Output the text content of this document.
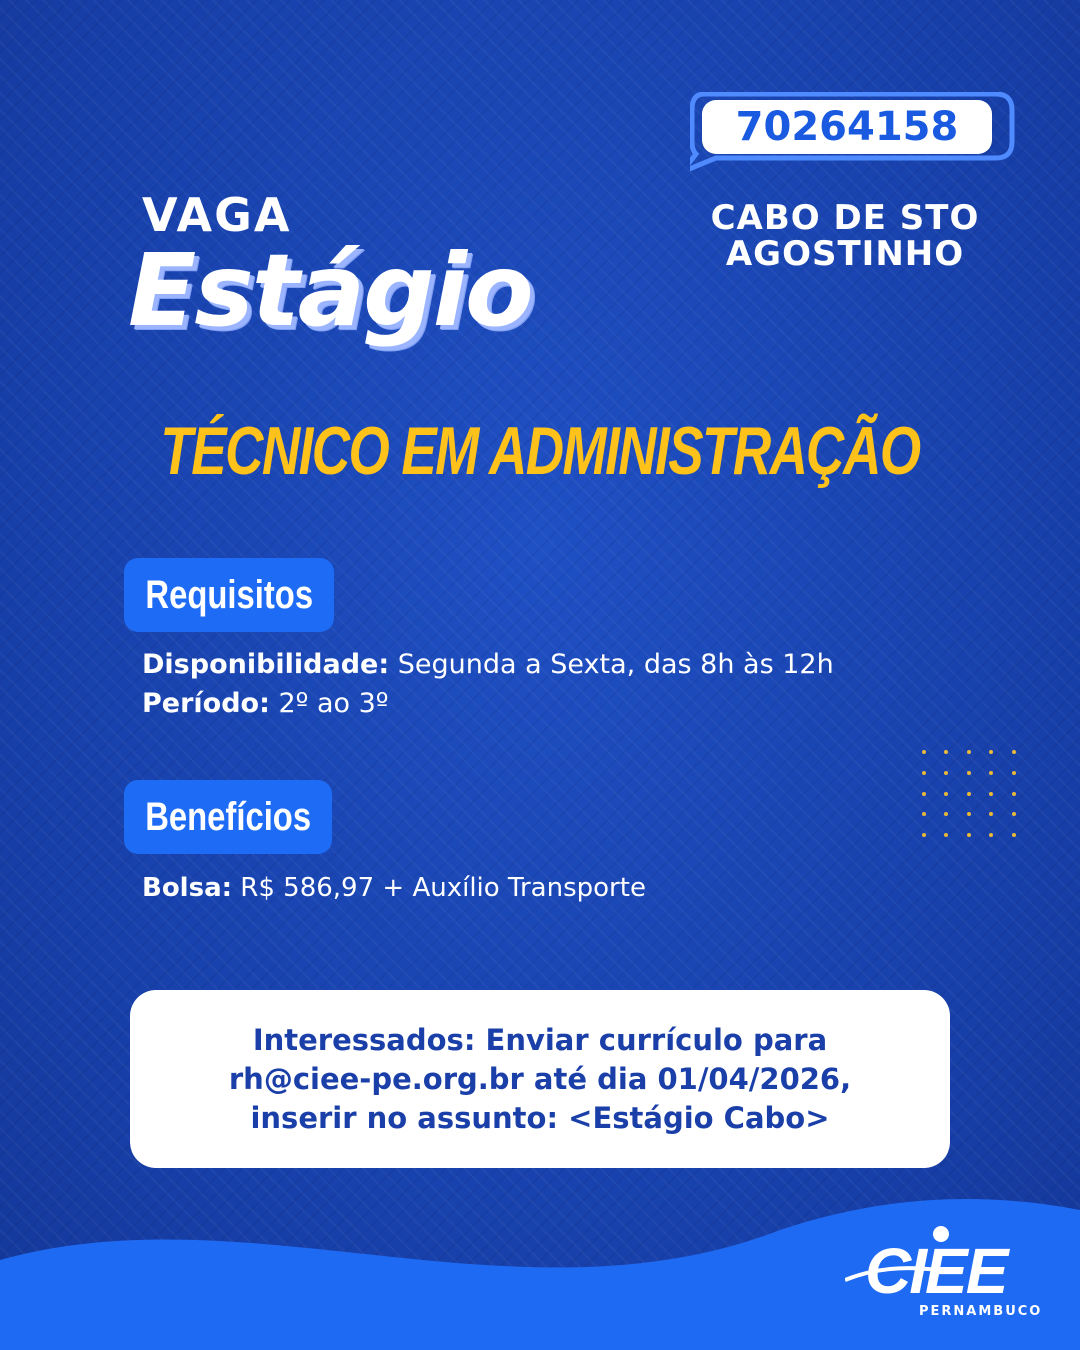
70264158
CABO DE STO
AGOSTINHO
VAGA
Estágio
TÉCNICO EM ADMINISTRAÇÃO
Requisitos
Disponibilidade: Segunda a Sexta, das 8h às 12h
Período: 2º ao 3º
Benefícios
Bolsa: R$ 586,97 + Auxílio Transporte
Interessados: Enviar currículo para
rh@ciee-pe.org.br até dia 01/04/2026,
inserir no assunto: <Estágio Cabo>
CIEE
PERNAMBUCO
